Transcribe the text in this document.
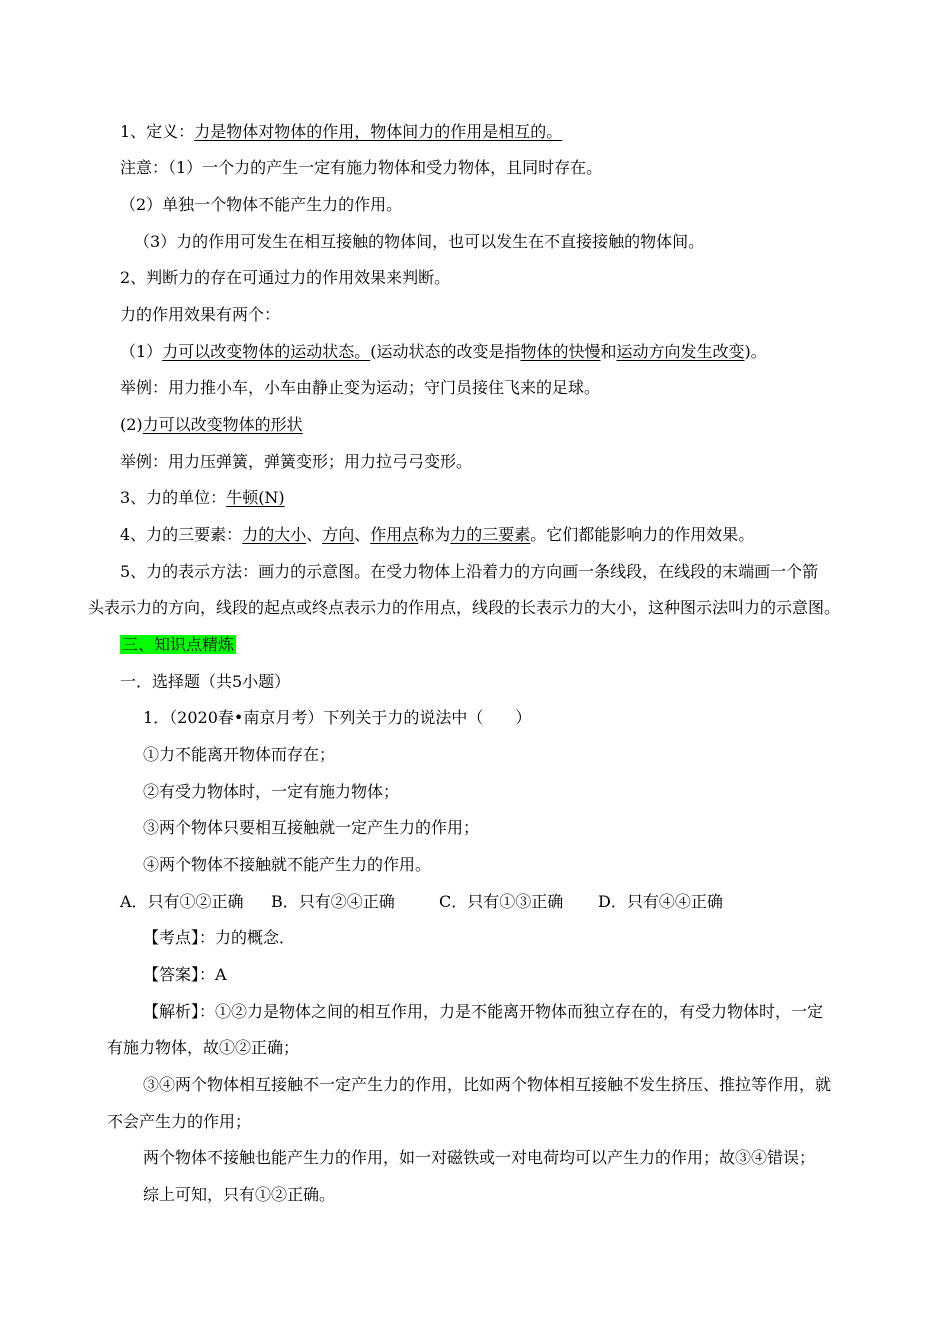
1、定义：力是物体对物体的作用，物体间力的作用是相互的。
注意：（1）一个力的产生一定有施力物体和受力物体，且同时存在。
（2）单独一个物体不能产生力的作用。
（3）力的作用可发生在相互接触的物体间，也可以发生在不直接接触的物体间。
2、判断力的存在可通过力的作用效果来判断。
力的作用效果有两个：
（1）力可以改变物体的运动状态。(运动状态的改变是指物体的快慢和运动方向发生改变)。
举例：用力推小车，小车由静止变为运动；守门员接住飞来的足球。
(2)力可以改变物体的形状
举例：用力压弹簧，弹簧变形；用力拉弓弓变形。
3、力的单位：牛顿(N)
4、力的三要素：力的大小、方向、作用点称为力的三要素。它们都能影响力的作用效果。
5、力的表示方法：画力的示意图。在受力物体上沿着力的方向画一条线段，在线段的末端画一个箭
头表示力的方向，线段的起点或终点表示力的作用点，线段的长表示力的大小，这种图示法叫力的示意图。
三、知识点精炼
一．选择题（共5小题）
1．（2020春•南京月考）下列关于力的说法中（　　）
①力不能离开物体而存在；
②有受力物体时，一定有施力物体；
③两个物体只要相互接触就一定产生力的作用；
④两个物体不接触就不能产生力的作用。
A．只有①②正确 B．只有②④正确	C．只有①③正确 D．只有④④正确
【考点】：力的概念．
【答案】：A
【解析】：①②力是物体之间的相互作用，力是不能离开物体而独立存在的，有受力物体时，一定
有施力物体，故①②正确；
③④两个物体相互接触不一定产生力的作用，比如两个物体相互接触不发生挤压、推拉等作用，就
不会产生力的作用；
两个物体不接触也能产生力的作用，如一对磁铁或一对电荷均可以产生力的作用；故③④错误；
综上可知，只有①②正确。
